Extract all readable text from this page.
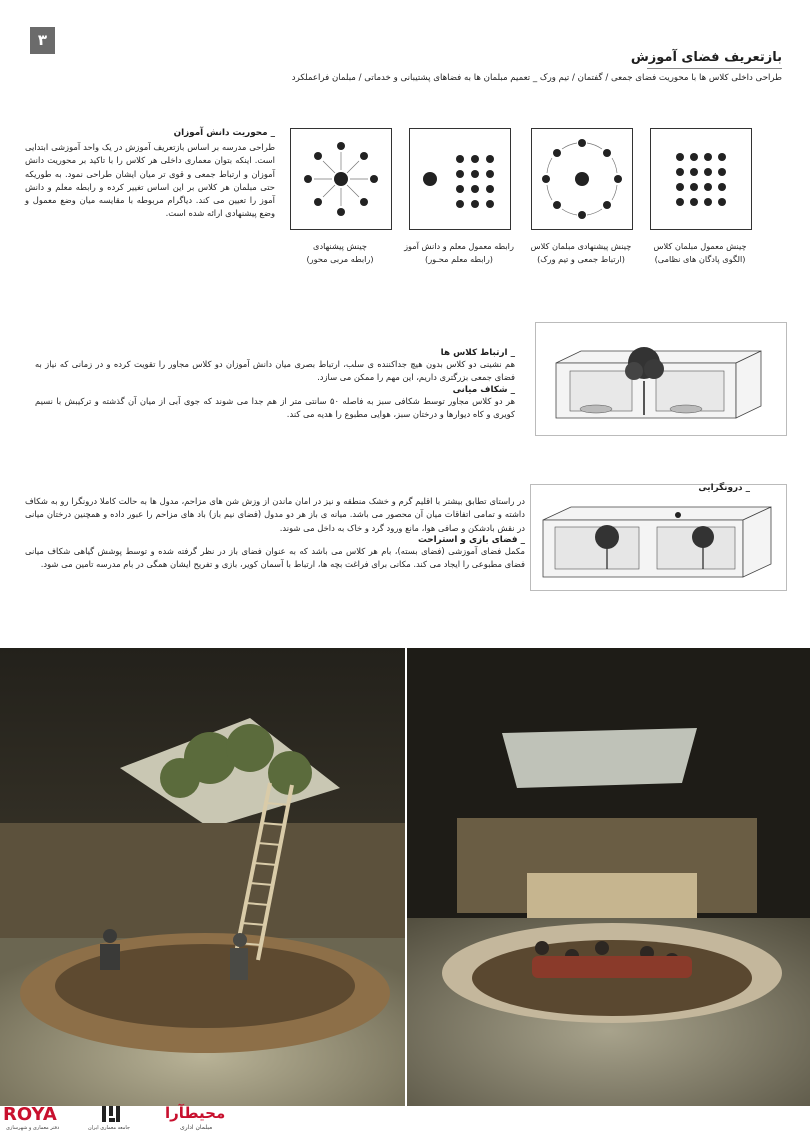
۳
بازتعریف فضای آموزش
طراحی داخلی کلاس ها با محوریت فضای جمعی / گفتمان / تیم ورک _ تعمیم مبلمان ها به فضاهای پشتیبانی و خدماتی / مبلمان فراعملکرد
_ محوریت دانش آموزان
طراحی مدرسه بر اساس بازتعریف آموزش در یک واحد آموزشی ابتدایی است. اینکه بتوان معماری داخلی هر کلاس را با تاکید بر محوریت دانش آموزان و ارتباط جمعی و قوی تر میان ایشان طراحی نمود. به طوریکه حتی مبلمان هر کلاس بر این اساس تغییر کرده و رابطه معلم و دانش آموز را تعیین می کند. دیاگرام مربوطه با مقایسه میان وضع معمول و وضع پیشنهادی ارائه شده است.
چینش پیشنهادی
(رابطه مربی محور)
رابطه معمول معلم و دانش آموز
(رابطه معلم محـور)
چینش پیشنهادی مبلمان کلاس
(ارتباط جمعی و تیم ورک)
چینش معمول مبلمان کلاس
(الگوی پادگان های نظامی)
_ ارتباط کلاس ها
هم نشینی دو کلاس بدون هیچ جداکننده ی سلب، ارتباط بصری میان دانش آموزان دو کلاس مجاور را تقویت کرده و در زمانی که نیاز به فضای جمعی بزرگتری داریم، این مهم را ممکن می سازد.
_ شکاف میانی
هر دو کلاس مجاور توسط شکافی سبز به فاصله ۵۰ سانتی متر از هم جدا می شوند که جوی آبی از میان آن گذشته و ترکیبش با نسیم کویری و کاه دیوارها و درختان سبز، هوایی مطبوع را هدیه می کند.
_ درونگرایی
در راستای تطابق بیشتر با اقلیم گرم و خشک منطقه و نیز در امان ماندن از وزش شن های مزاحم، مدول ها به حالت کاملا درونگرا رو به شکاف داشته و تمامی اتفاقات میان آن محصور می باشد. میانه ی باز هر دو مدول (فضای نیم باز) باد های مزاحم را عبور داده و همچنین درختان میانی در نقش بادشکن و صافی هوا، مانع ورود گرد و خاک به داخل می شوند.
_ فضای بازی و استراحت
مکمل فضای آموزشی (فضای بسته)، بام هر کلاس می باشد که به عنوان فضای باز در نظر گرفته شده و توسط پوشش گیاهی شکاف میانی فضای مطبوعی را ایجاد می کند. مکانی برای فراغت بچه ها، ارتباط با آسمان کویر، بازی و تفریح ایشان همگی در بام مدرسه تامین می شود.
ROYA
دفتر معماری و شهرسازی	جامعه معماری ایران
محیطآرا
مبلمان اداری
